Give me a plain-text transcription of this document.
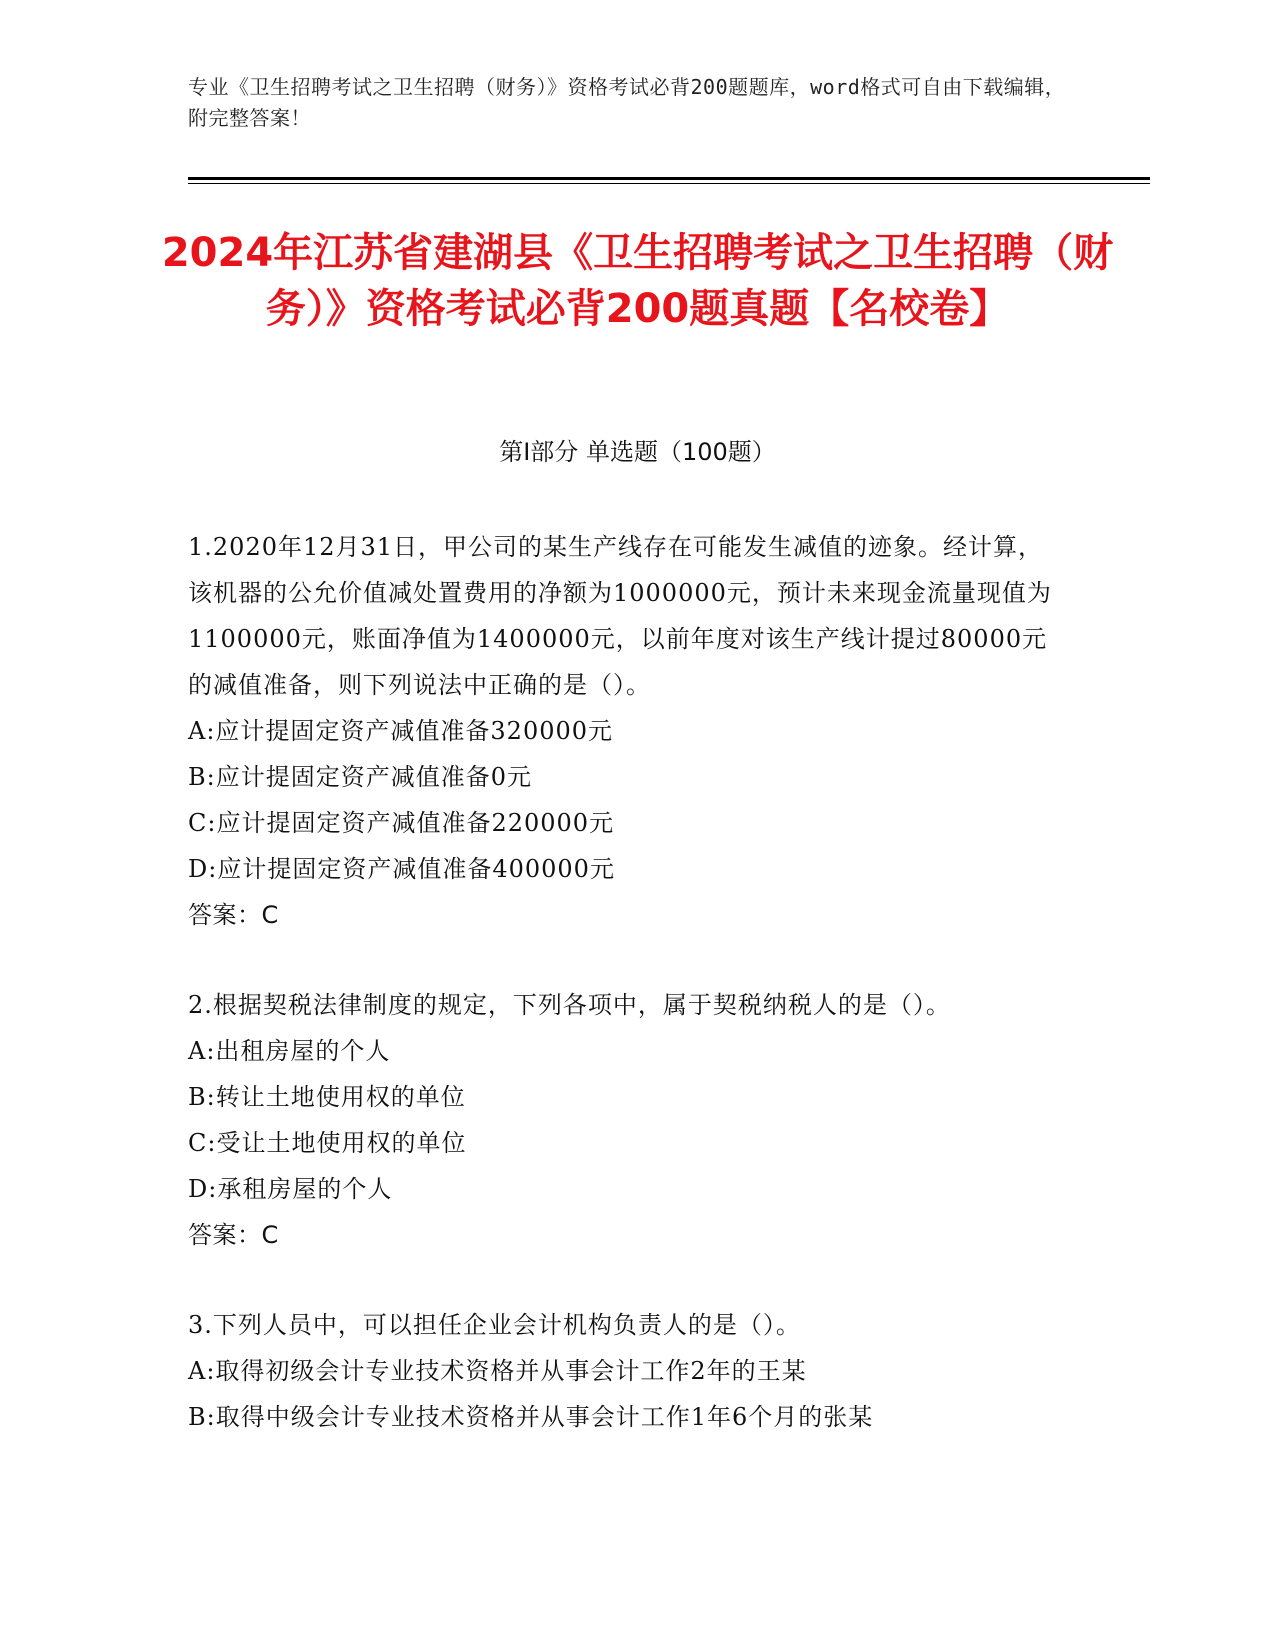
专业《卫生招聘考试之卫生招聘（财务）》资格考试必背200题题库，word格式可自由下载编辑，附完整答案！
2024年江苏省建湖县《卫生招聘考试之卫生招聘（财务）》资格考试必背200题真题【名校卷】
第Ⅰ部分 单选题（100题）
1.2020年12月31日，甲公司的某生产线存在可能发生减值的迹象。经计算，该机器的公允价值减处置费用的净额为1000000元，预计未来现金流量现值为1100000元，账面净值为1400000元，以前年度对该生产线计提过80000元的减值准备，则下列说法中正确的是（）。
A:应计提固定资产减值准备320000元
B:应计提固定资产减值准备0元
C:应计提固定资产减值准备220000元
D:应计提固定资产减值准备400000元
答案：C
2.根据契税法律制度的规定，下列各项中，属于契税纳税人的是（）。
A:出租房屋的个人
B:转让土地使用权的单位
C:受让土地使用权的单位
D:承租房屋的个人
答案：C
3.下列人员中，可以担任企业会计机构负责人的是（）。
A:取得初级会计专业技术资格并从事会计工作2年的王某
B:取得中级会计专业技术资格并从事会计工作1年6个月的张某
